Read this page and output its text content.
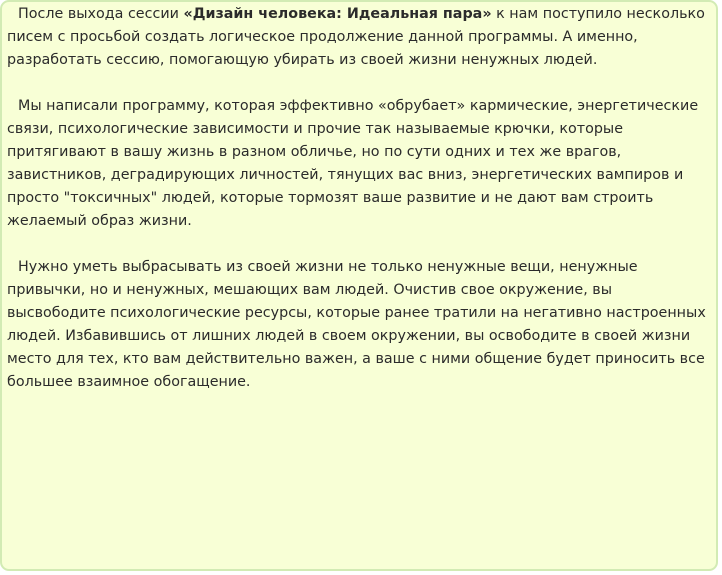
После выхода сессии «Дизайн человека: Идеальная пара» к нам поступило несколько писем с просьбой создать логическое продолжение данной программы. А именно, разработать сессию, помогающую убирать из своей жизни ненужных людей.

Мы написали программу, которая эффективно «обрубает» кармические, энергетические связи, психологические зависимости и прочие так называемые крючки, которые притягивают в вашу жизнь в разном обличье, но по сути одних и тех же врагов, завистников, деградирующих личностей, тянущих вас вниз, энергетических вампиров и просто "токсичных" людей, которые тормозят ваше развитие и не дают вам строить желаемый образ жизни.

Нужно уметь выбрасывать из своей жизни не только ненужные вещи, ненужные привычки, но и ненужных, мешающих вам людей. Очистив свое окружение, вы высвободите психологические ресурсы, которые ранее тратили на негативно настроенных людей. Избавившись от лишних людей в своем окружении, вы освободите в своей жизни место для тех, кто вам действительно важен, а ваше с ними общение будет приносить все большее взаимное обогащение.
